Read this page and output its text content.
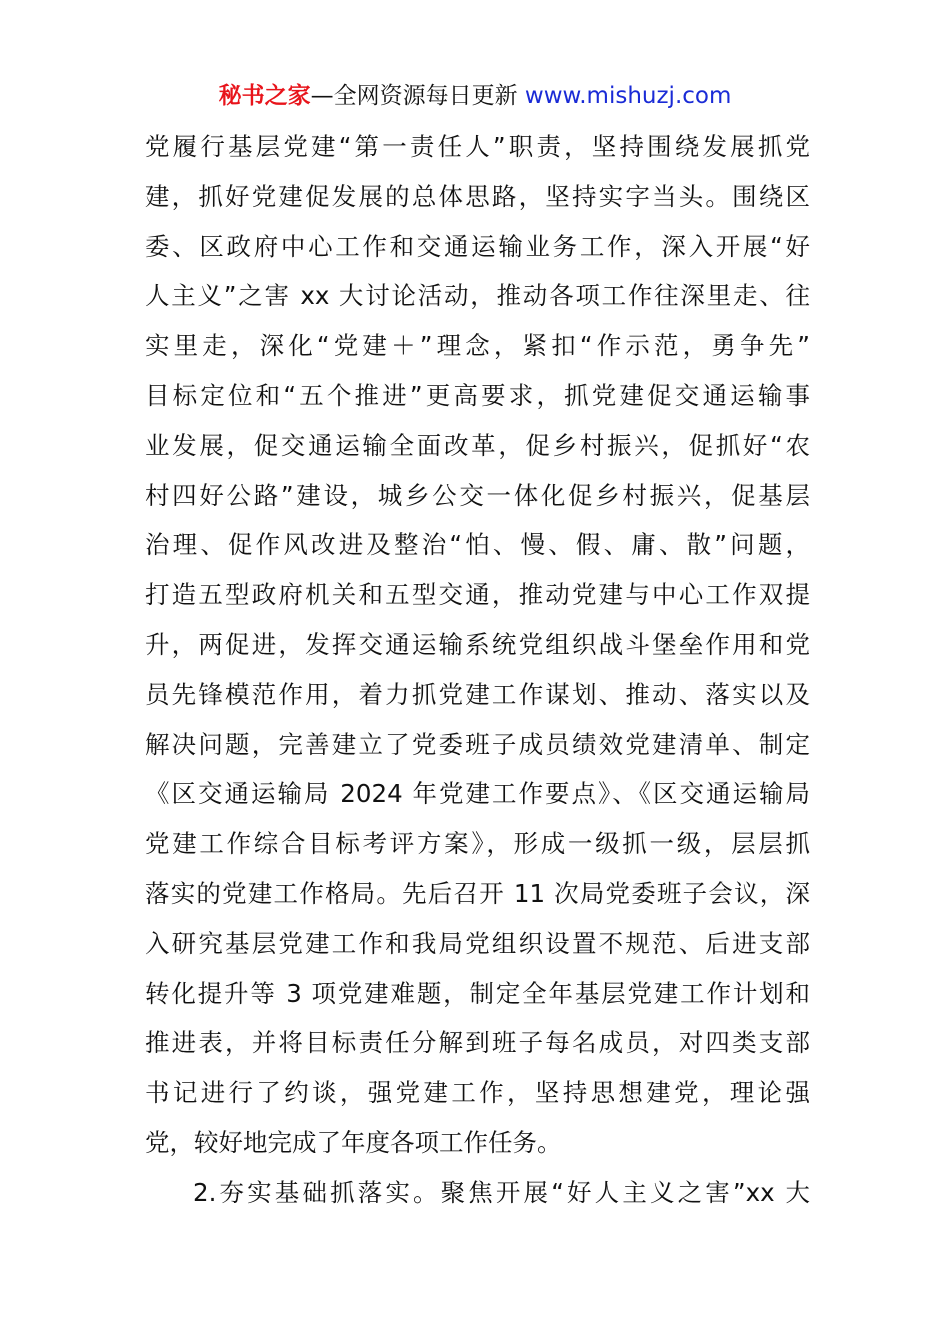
秘书之家—全网资源每日更新 www.mishuzj.com
党履行基层党建“第一责任人”职责，坚持围绕发展抓党
建，抓好党建促发展的总体思路，坚持实字当头。围绕区
委、区政府中心工作和交通运输业务工作，深入开展“好
人主义”之害 xx 大讨论活动，推动各项工作往深里走、往
实里走，深化“党建＋”理念，紧扣“作示范，勇争先”
目标定位和“五个推进”更高要求，抓党建促交通运输事
业发展，促交通运输全面改革，促乡村振兴，促抓好“农
村四好公路”建设，城乡公交一体化促乡村振兴，促基层
治理、促作风改进及整治“怕、慢、假、庸、散”问题，
打造五型政府机关和五型交通，推动党建与中心工作双提
升，两促进，发挥交通运输系统党组织战斗堡垒作用和党
员先锋模范作用，着力抓党建工作谋划、推动、落实以及
解决问题，完善建立了党委班子成员绩效党建清单、制定
《区交通运输局 2024 年党建工作要点》、《区交通运输局
党建工作综合目标考评方案》，形成一级抓一级，层层抓
落实的党建工作格局。先后召开 11 次局党委班子会议，深
入研究基层党建工作和我局党组织设置不规范、后进支部
转化提升等 3 项党建难题，制定全年基层党建工作计划和
推进表，并将目标责任分解到班子每名成员，对四类支部
书记进行了约谈，强党建工作，坚持思想建党，理论强
党，较好地完成了年度各项工作任务。
2.夯实基础抓落实。聚焦开展“好人主义之害”xx 大
